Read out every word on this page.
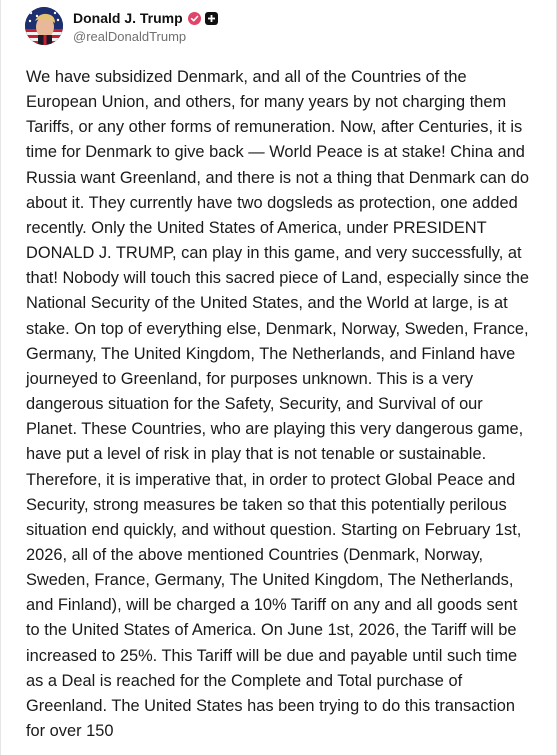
Donald J. Trump
@realDonaldTrump

We have subsidized Denmark, and all of the Countries of the European Union, and others, for many years by not charging them Tariffs, or any other forms of remuneration. Now, after Centuries, it is time for Denmark to give back — World Peace is at stake! China and Russia want Greenland, and there is not a thing that Denmark can do about it. They currently have two dogsleds as protection, one added recently. Only the United States of America, under PRESIDENT DONALD J. TRUMP, can play in this game, and very successfully, at that! Nobody will touch this sacred piece of Land, especially since the National Security of the United States, and the World at large, is at stake. On top of everything else, Denmark, Norway, Sweden, France, Germany, The United Kingdom, The Netherlands, and Finland have journeyed to Greenland, for purposes unknown. This is a very dangerous situation for the Safety, Security, and Survival of our Planet. These Countries, who are playing this very dangerous game, have put a level of risk in play that is not tenable or sustainable. Therefore, it is imperative that, in order to protect Global Peace and Security, strong measures be taken so that this potentially perilous situation end quickly, and without question. Starting on February 1st, 2026, all of the above mentioned Countries (Denmark, Norway, Sweden, France, Germany, The United Kingdom, The Netherlands, and Finland), will be charged a 10% Tariff on any and all goods sent to the United States of America. On June 1st, 2026, the Tariff will be increased to 25%. This Tariff will be due and payable until such time as a Deal is reached for the Complete and Total purchase of Greenland. The United States has been trying to do this transaction for over 150
